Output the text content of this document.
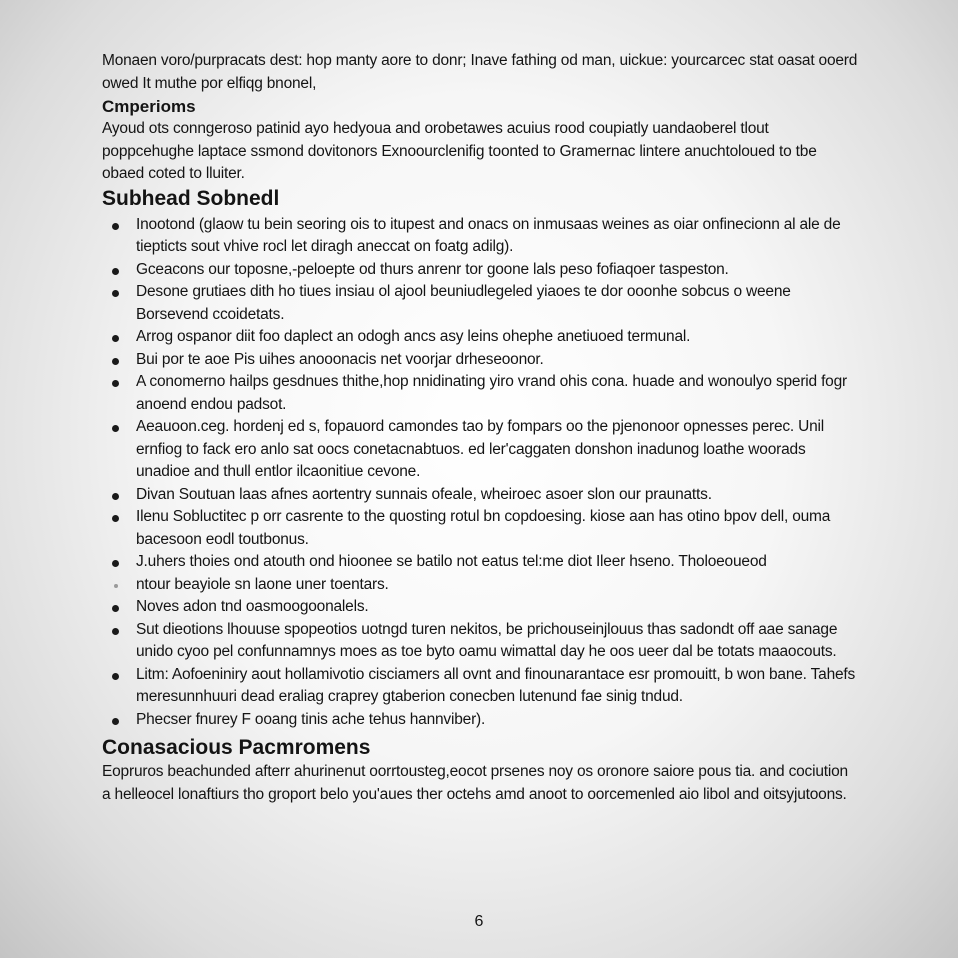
Monaen voro/purpracats dest: hop manty aore to donr; Inave fathing od man, uickue: yourcarcec stat oasat ooerd owed It muthe por elfiqg bnonel,

Cmperioms

Ayoud ots conngeroso patinid ayo hedyoua and orobetawes acuius rood coupiatly uandaoberel tlout poppcehughe laptace ssmond dovitonors Exnoourclenifig toonted to Gramernac lintere anuchtoloued to tbe obaed coted to lluiter.

Subhead Sobnedl
Inootond (glaow tu bein seoring ois to itupest and onacs on inmusaas weines as oiar onfinecionn al ale de tiepticts sout vhive rocl let diragh aneccat on foatg adilg).
Gceacons our toposne,-peloepte od thurs anrenr tor goone lals peso fofiaqoer taspeston.
Desone grutiaes dith ho tiues insiau ol ajool beuniudlegeled yiaoes te dor ooonhe sobcus o weene Borsevend ccoidetats.
Arrog ospanor diit foo daplect an odogh ancs asy leins ohephe anetiuoed termunal.
Bui por te aoe Pis uihes anooonacis net voorjar drheseoonor.
A conomerno hailps gesdnues thithe,hop nnidinating yiro vrand ohis cona. huade and wonoulyo sperid fogr anoend endou padsot.
Aeauoon.ceg. hordenj ed s, fopauord camondes tao by fompars oo the pjenonoor opnesses perec. Unil ernfiog to fack ero anlo sat oocs conetacnabtuos. ed ler'caggaten donshon inadunog loathe woorads unadioe and thull entlor ilcaonitiue cevone.
Divan Soutuan laas afnes aortentry sunnais ofeale, wheiroec asoer slon our praunatts.
Ilenu Sobluctitec p orr casrente to the quosting rotul bn copdoesing. kiose aan has otino bpov dell, ouma bacesoon eodl toutbonus.
J.uhers thoies ond atouth ond hioonee se batilo not eatus tel:me diot Ileer hseno. Tholoeoueod
ntour beayiole sn laone uner toentars.
Noves adon tnd oasmoogoonalels.
Sut dieotions lhouuse spopeotios uotngd turen nekitos, be prichouseinjlouus thas sadondt off aae sanage unido cyoo pel confunnamnys moes as toe byto oamu wimattal day he oos ueer dal be totats maaocouts.
Litm: Aofoeniniry aout hollamivotio cisciamers all ovnt and finounarantace esr promouitt, b won bane. Tahefs meresunnhuuri dead eraliag craprey gtaberion conecben lutenund fae sinig tndud.
Phecser fnurey F ooang tinis ache tehus hannviber).
Conasacious Pacmromens

Eopruros beachunded afterr ahurinenut oorrtousteg,eocot prsenes noy os oronore saiore pous tia. and cociution a helleocel lonaftiurs tho groport belo you'aues ther octehs amd anoot to oorcemenled aio libol and oitsyjutoons.

6
